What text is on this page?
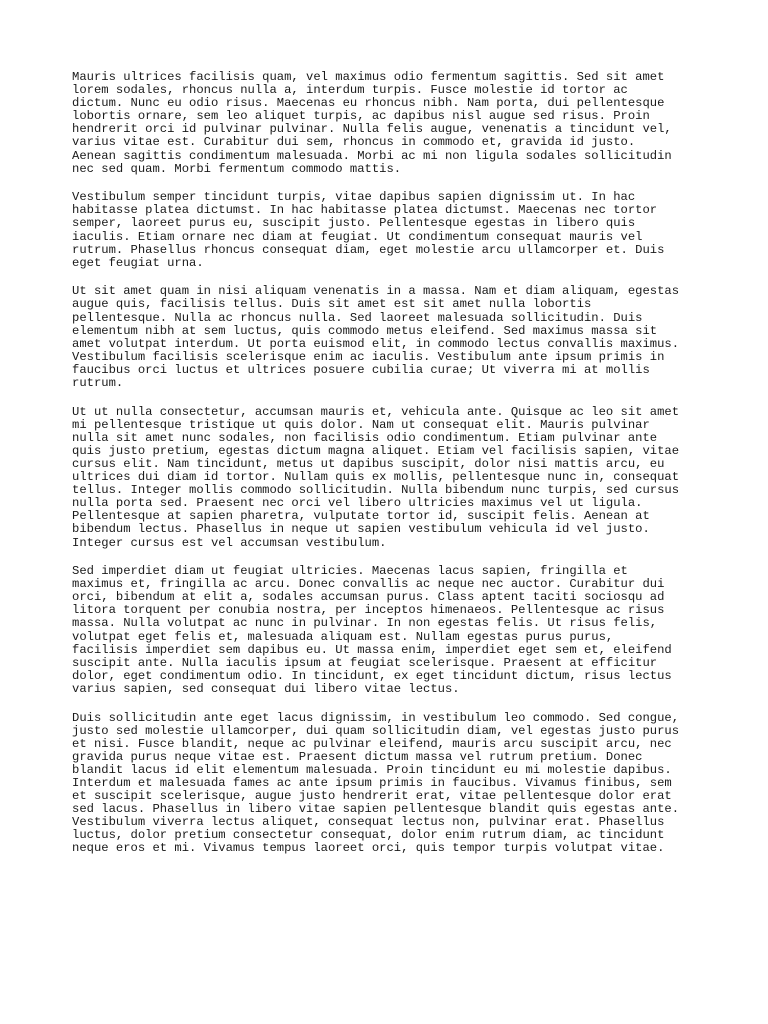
Mauris ultrices facilisis quam, vel maximus odio fermentum sagittis. Sed sit amet
lorem sodales, rhoncus nulla a, interdum turpis. Fusce molestie id tortor ac
dictum. Nunc eu odio risus. Maecenas eu rhoncus nibh. Nam porta, dui pellentesque
lobortis ornare, sem leo aliquet turpis, ac dapibus nisl augue sed risus. Proin
hendrerit orci id pulvinar pulvinar. Nulla felis augue, venenatis a tincidunt vel,
varius vitae est. Curabitur dui sem, rhoncus in commodo et, gravida id justo.
Aenean sagittis condimentum malesuada. Morbi ac mi non ligula sodales sollicitudin
nec sed quam. Morbi fermentum commodo mattis.

Vestibulum semper tincidunt turpis, vitae dapibus sapien dignissim ut. In hac
habitasse platea dictumst. In hac habitasse platea dictumst. Maecenas nec tortor
semper, laoreet purus eu, suscipit justo. Pellentesque egestas in libero quis
iaculis. Etiam ornare nec diam at feugiat. Ut condimentum consequat mauris vel
rutrum. Phasellus rhoncus consequat diam, eget molestie arcu ullamcorper et. Duis
eget feugiat urna.

Ut sit amet quam in nisi aliquam venenatis in a massa. Nam et diam aliquam, egestas
augue quis, facilisis tellus. Duis sit amet est sit amet nulla lobortis
pellentesque. Nulla ac rhoncus nulla. Sed laoreet malesuada sollicitudin. Duis
elementum nibh at sem luctus, quis commodo metus eleifend. Sed maximus massa sit
amet volutpat interdum. Ut porta euismod elit, in commodo lectus convallis maximus.
Vestibulum facilisis scelerisque enim ac iaculis. Vestibulum ante ipsum primis in
faucibus orci luctus et ultrices posuere cubilia curae; Ut viverra mi at mollis
rutrum.

Ut ut nulla consectetur, accumsan mauris et, vehicula ante. Quisque ac leo sit amet
mi pellentesque tristique ut quis dolor. Nam ut consequat elit. Mauris pulvinar
nulla sit amet nunc sodales, non facilisis odio condimentum. Etiam pulvinar ante
quis justo pretium, egestas dictum magna aliquet. Etiam vel facilisis sapien, vitae
cursus elit. Nam tincidunt, metus ut dapibus suscipit, dolor nisi mattis arcu, eu
ultrices dui diam id tortor. Nullam quis ex mollis, pellentesque nunc in, consequat
tellus. Integer mollis commodo sollicitudin. Nulla bibendum nunc turpis, sed cursus
nulla porta sed. Praesent nec orci vel libero ultricies maximus vel ut ligula.
Pellentesque at sapien pharetra, vulputate tortor id, suscipit felis. Aenean at
bibendum lectus. Phasellus in neque ut sapien vestibulum vehicula id vel justo.
Integer cursus est vel accumsan vestibulum.

Sed imperdiet diam ut feugiat ultricies. Maecenas lacus sapien, fringilla et
maximus et, fringilla ac arcu. Donec convallis ac neque nec auctor. Curabitur dui
orci, bibendum at elit a, sodales accumsan purus. Class aptent taciti sociosqu ad
litora torquent per conubia nostra, per inceptos himenaeos. Pellentesque ac risus
massa. Nulla volutpat ac nunc in pulvinar. In non egestas felis. Ut risus felis,
volutpat eget felis et, malesuada aliquam est. Nullam egestas purus purus,
facilisis imperdiet sem dapibus eu. Ut massa enim, imperdiet eget sem et, eleifend
suscipit ante. Nulla iaculis ipsum at feugiat scelerisque. Praesent at efficitur
dolor, eget condimentum odio. In tincidunt, ex eget tincidunt dictum, risus lectus
varius sapien, sed consequat dui libero vitae lectus.

Duis sollicitudin ante eget lacus dignissim, in vestibulum leo commodo. Sed congue,
justo sed molestie ullamcorper, dui quam sollicitudin diam, vel egestas justo purus
et nisi. Fusce blandit, neque ac pulvinar eleifend, mauris arcu suscipit arcu, nec
gravida purus neque vitae est. Praesent dictum massa vel rutrum pretium. Donec
blandit lacus id elit elementum malesuada. Proin tincidunt eu mi molestie dapibus.
Interdum et malesuada fames ac ante ipsum primis in faucibus. Vivamus finibus, sem
et suscipit scelerisque, augue justo hendrerit erat, vitae pellentesque dolor erat
sed lacus. Phasellus in libero vitae sapien pellentesque blandit quis egestas ante.
Vestibulum viverra lectus aliquet, consequat lectus non, pulvinar erat. Phasellus
luctus, dolor pretium consectetur consequat, dolor enim rutrum diam, ac tincidunt
neque eros et mi. Vivamus tempus laoreet orci, quis tempor turpis volutpat vitae.
